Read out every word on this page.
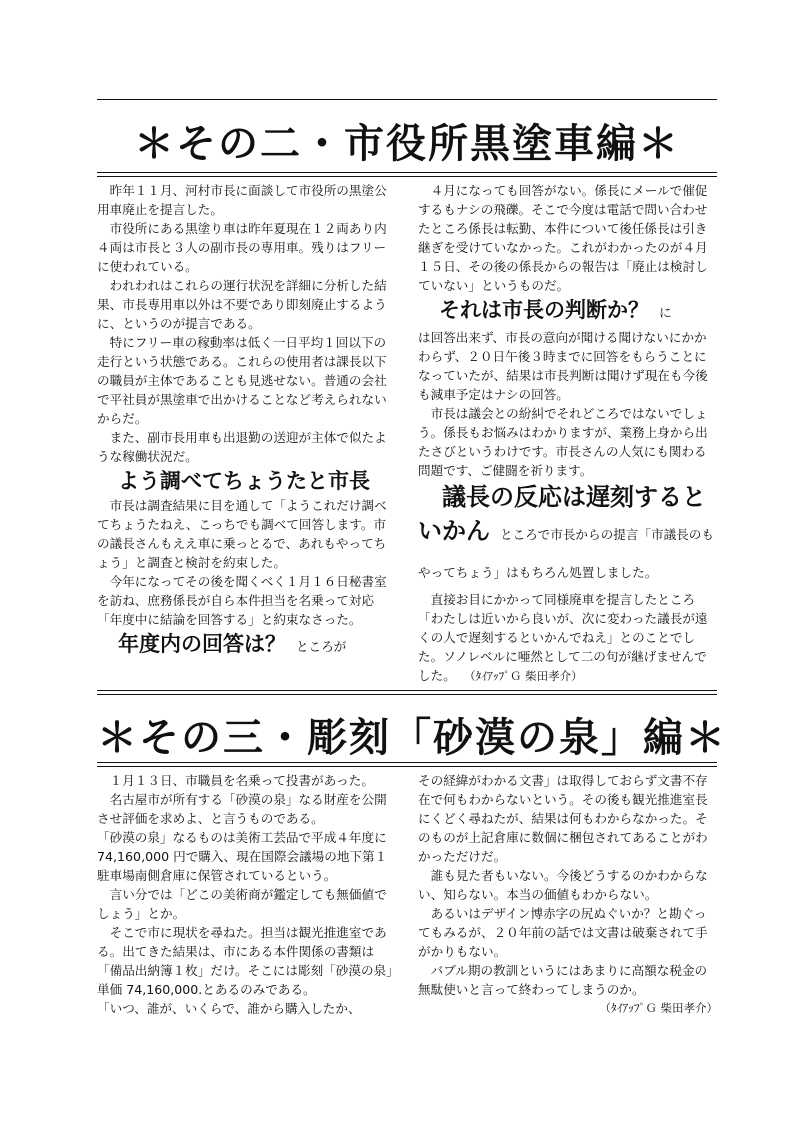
＊その二・市役所黒塗車編＊

昨年１１月、河村市長に面談して市役所の黒塗公用車廃止を提言した。

市役所にある黒塗り車は昨年夏現在１２両あり内４両は市長と３人の副市長の専用車。残りはフリーに使われている。

われわれはこれらの運行状況を詳細に分析した結果、市長専用車以外は不要であり即刻廃止するように、というのが提言である。

特にフリー車の稼動率は低く一日平均１回以下の走行という状態である。これらの使用者は課長以下の職員が主体であることも見逃せない。普通の会社で平社員が黒塗車で出かけることなど考えられないからだ。

また、副市長用車も出退勤の送迎が主体で似たような稼働状況だ。

よう調べてちょうたと市長

市長は調査結果に目を通して「ようこれだけ調べてちょうたねえ、こっちでも調べて回答します。市の議長さんもええ車に乗っとるで、あれもやってちょう」と調査と検討を約束した。

今年になってその後を聞くべく１月１６日秘書室を訪ね、庶務係長が自ら本件担当を名乗って対応「年度中に結論を回答する」と約束なさった。

年度内の回答は？ ところが

４月になっても回答がない。係長にメールで催促するもナシの飛礫。そこで今度は電話で問い合わせたところ係長は転勤、本件について後任係長は引き継ぎを受けていなかった。これがわかったのが４月１５日、その後の係長からの報告は「廃止は検討していない」というものだ。

それは市長の判断か？ に

は回答出来ず、市長の意向が聞ける聞けないにかかわらず、２０日午後３時までに回答をもらうことになっていたが、結果は市長判断は聞けず現在も今後も減車予定はナシの回答。

市長は議会との紛糾でそれどころではないでしょう。係長もお悩みはわかりますが、業務上身から出たさびというわけです。市長さんの人気にも関わる問題です、ご健闘を祈ります。

議長の反応は遅刻するといかん ところで市長からの提言「市議長のもやってちょう」はもちろん処置しました。

直接お目にかかって同様廃車を提言したところ「わたしは近いから良いが、次に変わった議長が遠くの人で遅刻するといかんでねえ」とのことでした。ソノレベルに唖然として二の句が継げませんでした。 （ﾀｲｱｯﾌﾟＧ 柴田孝介）

＊その三・彫刻「砂漠の泉」編＊

１月１３日、市職員を名乗って投書があった。

名古屋市が所有する「砂漠の泉」なる財産を公開させ評価を求めよ、と言うものである。

「砂漠の泉」なるものは美術工芸品で平成４年度に 74,160,000 円で購入、現在国際会議場の地下第１駐車場南側倉庫に保管されているという。

言い分では「どこの美術商が鑑定しても無価値でしょう」とか。

そこで市に現状を尋ねた。担当は観光推進室である。出てきた結果は、市にある本件関係の書類は「備品出納簿１枚」だけ。そこには彫刻「砂漠の泉」単価 74,160,000.とあるのみである。

「いつ、誰が、いくらで、誰から購入したか、

その経緯がわかる文書」は取得しておらず文書不存在で何もわからないという。その後も観光推進室長にくどく尋ねたが、結果は何もわからなかった。そのものが上記倉庫に数個に梱包されてあることがわかっただけだ。

誰も見た者もいない。今後どうするのかわからない、知らない。本当の価値もわからない。

あるいはデザイン博赤字の尻ぬぐいか？と勘ぐってもみるが、２０年前の話では文書は破棄されて手がかりもない。

バブル期の教訓というにはあまりに高額な税金の無駄使いと言って終わってしまうのか。

（ﾀｲｱｯﾌﾟＧ 柴田孝介）
